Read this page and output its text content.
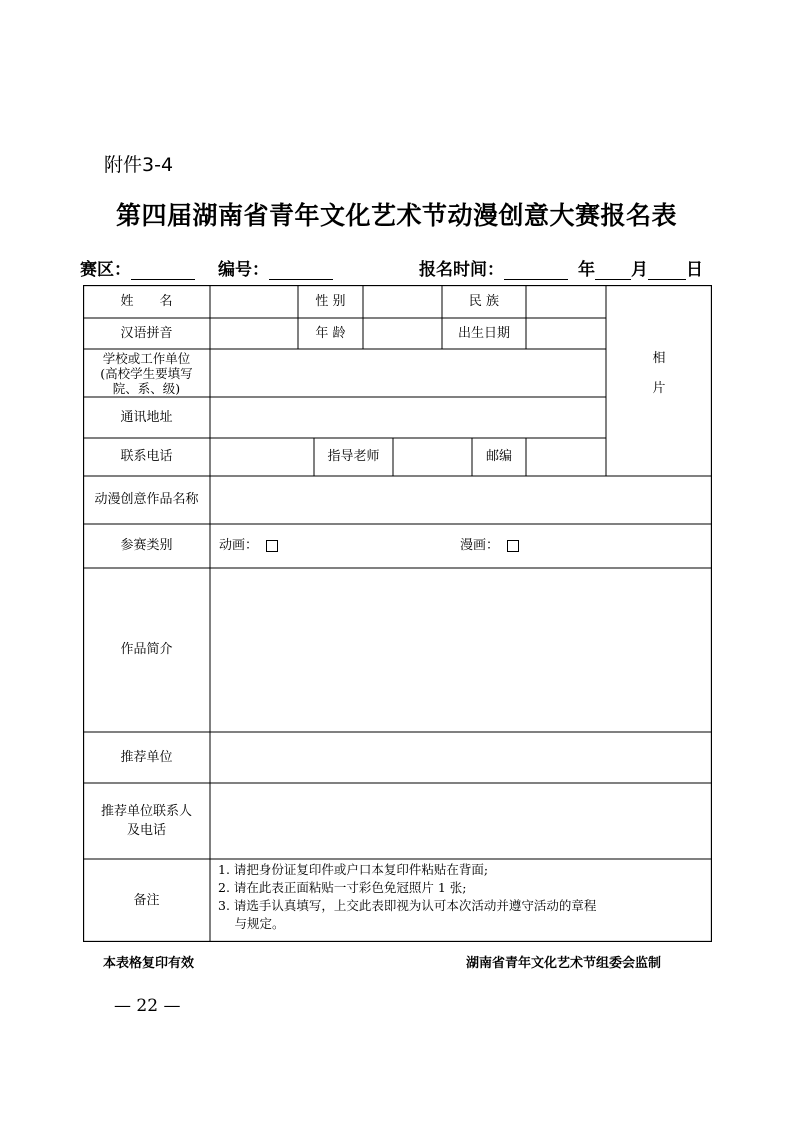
附件3-4
第四届湖南省青年文化艺术节动漫创意大赛报名表
赛区：	编号：	报名时间：	年 月 日
姓　　名	性 别	民 族
汉语拼音	年 龄	出生日期
相
片
学校或工作单位
(高校学生要填写
院、系、级)
通讯地址
联系电话	指导老师	邮编
动漫创意作品名称
参赛类别	动画：	漫画：
作品简介
推荐单位
推荐单位联系人
及电话
备注
1. 请把身份证复印件或户口本复印件粘贴在背面;
2. 请在此表正面粘贴一寸彩色免冠照片 1 张;
3. 请选手认真填写，上交此表即视为认可本次活动并遵守活动的章程
　 与规定。
本表格复印有效	湖南省青年文化艺术节组委会监制
— 22 —
